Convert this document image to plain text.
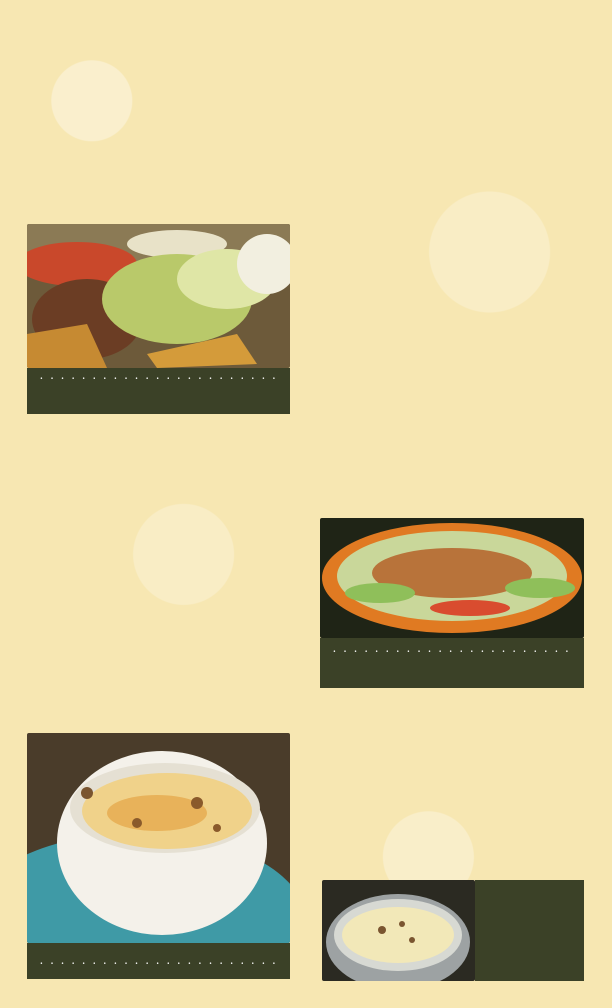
. . .
. . .
. . .
